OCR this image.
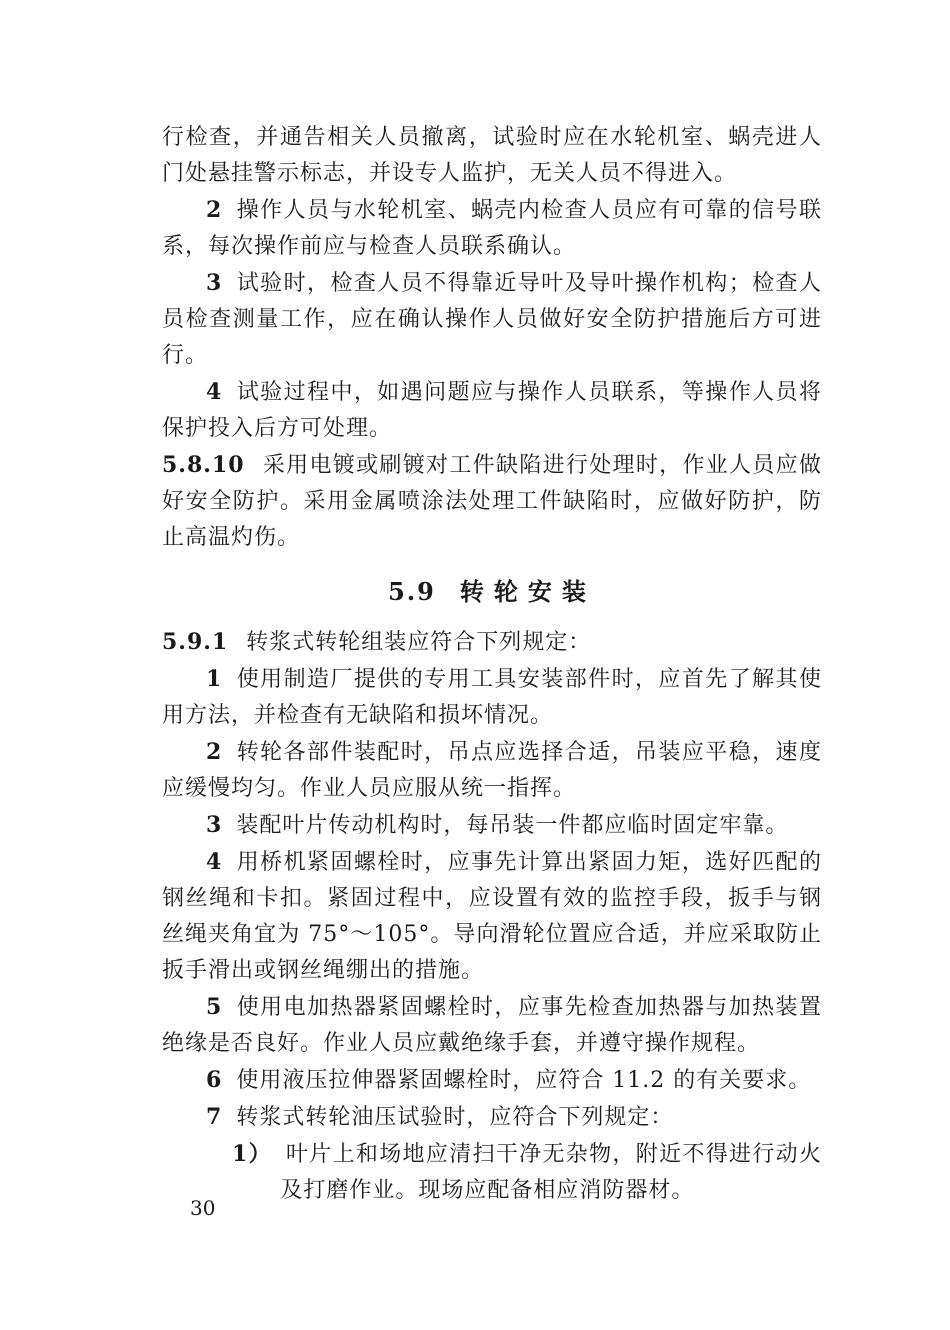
行检查，并通告相关人员撤离，试验时应在水轮机室、蜗壳进人门处悬挂警示标志，并设专人监护，无关人员不得进入。

2 操作人员与水轮机室、蜗壳内检查人员应有可靠的信号联系，每次操作前应与检查人员联系确认。

3 试验时，检查人员不得靠近导叶及导叶操作机构；检查人员检查测量工作，应在确认操作人员做好安全防护措施后方可进行。

4 试验过程中，如遇问题应与操作人员联系，等操作人员将保护投入后方可处理。

5.8.10 采用电镀或刷镀对工件缺陷进行处理时，作业人员应做好安全防护。采用金属喷涂法处理工件缺陷时，应做好防护，防止高温灼伤。

5.9 转轮安装

5.9.1 转浆式转轮组装应符合下列规定：

1 使用制造厂提供的专用工具安装部件时，应首先了解其使用方法，并检查有无缺陷和损坏情况。

2 转轮各部件装配时，吊点应选择合适，吊装应平稳，速度应缓慢均匀。作业人员应服从统一指挥。

3 装配叶片传动机构时，每吊装一件都应临时固定牢靠。

4 用桥机紧固螺栓时，应事先计算出紧固力矩，选好匹配的钢丝绳和卡扣。紧固过程中，应设置有效的监控手段，扳手与钢丝绳夹角宜为 75°～105°。导向滑轮位置应合适，并应采取防止扳手滑出或钢丝绳绷出的措施。

5 使用电加热器紧固螺栓时，应事先检查加热器与加热装置绝缘是否良好。作业人员应戴绝缘手套，并遵守操作规程。

6 使用液压拉伸器紧固螺栓时，应符合 11.2 的有关要求。

7 转浆式转轮油压试验时，应符合下列规定：

1） 叶片上和场地应清扫干净无杂物，附近不得进行动火及打磨作业。现场应配备相应消防器材。

30
